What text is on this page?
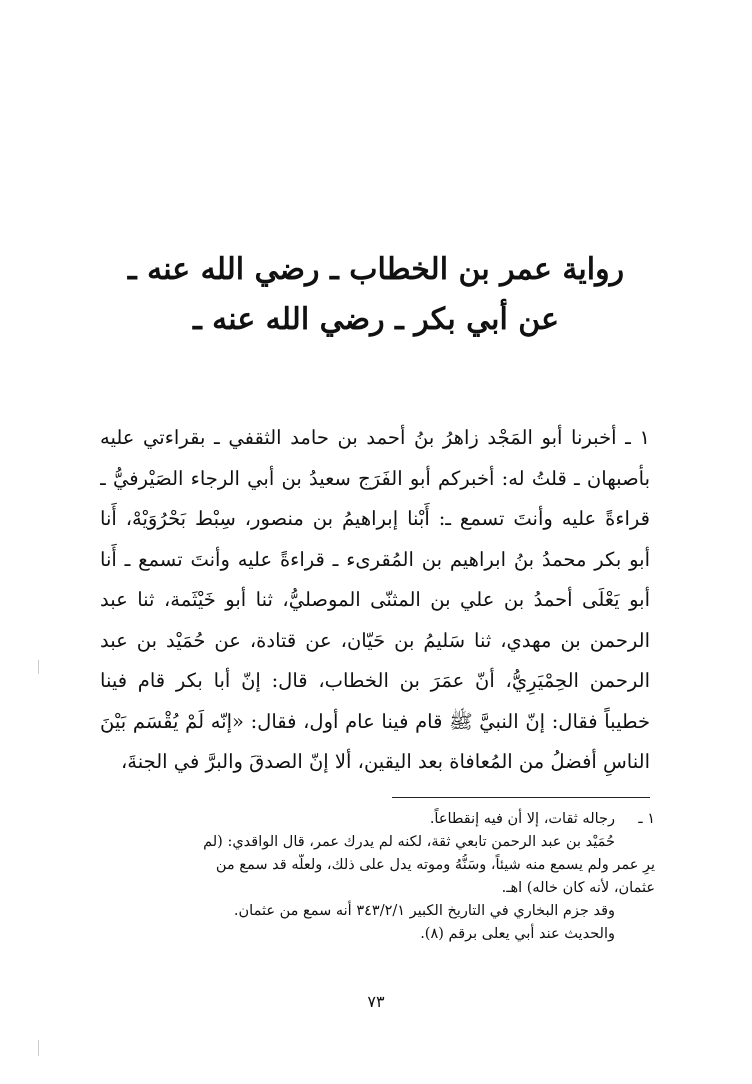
رواية عمر بن الخطاب ـ رضي الله عنه ـ
عن أبي بكر ـ رضي الله عنه ـ
١ ـ أخبرنا أبو المَجْد زاهرُ بنُ أحمد بن حامد الثقفي ـ بقراءتي عليه
بأصبهان ـ قلتُ له: أخبركم أبو الفَرَج سعيدُ بن أبي الرجاء الصَيْرفيُّ ـ
قراءةً عليه وأنتَ تسمع ـ: أَبْنا إبراهيمُ بن منصور، سِبْط بَحْرُوَيْهْ، أَنا
أبو بكر محمدُ بنُ ابراهيم بن المُقرىء ـ قراءةً عليه وأنتَ تسمع ـ أَنا
أبو يَعْلَى أحمدُ بن علي بن المثنّى الموصليُّ، ثنا أبو خَيْثَمة، ثنا عبد
الرحمن بن مهدي، ثنا سَليمُ بن حَيّان، عن قتادة، عن حُمَيْد بن عبد
الرحمن الحِمْيَرِيُّ، أنّ عمَرَ بن الخطاب، قال: إنّ أبا بكر قام فينا
خطيباً فقال: إنّ النبيَّ ﷺ قام فينا عام أول، فقال: «إنّه لَمْ يُقْسَم بَيْنَ
الناسِ أفضلُ من المُعافاة بعد اليقين، ألا إنّ الصدقَ والبرَّ في الجنةَ،
١ ـرجاله ثقات، إلا أن فيه إنقطاعاً.
حُمَيْد بن عبد الرحمن تابعي ثقة، لكنه لم يدرك عمر، قال الواقدي: (لم
يرِ عمر ولم يسمع منه شيئاً، وسَنُّهُ وموته يدل على ذلك، ولعلّه قد سمع من
عثمان، لأنه كان خاله) اهـ.
وقد جزم البخاري في التاريخ الكبير ٣٤٣/٢/١ أنه سمع من عثمان.
والحديث عند أبي يعلى برقم (٨).
٧٣
